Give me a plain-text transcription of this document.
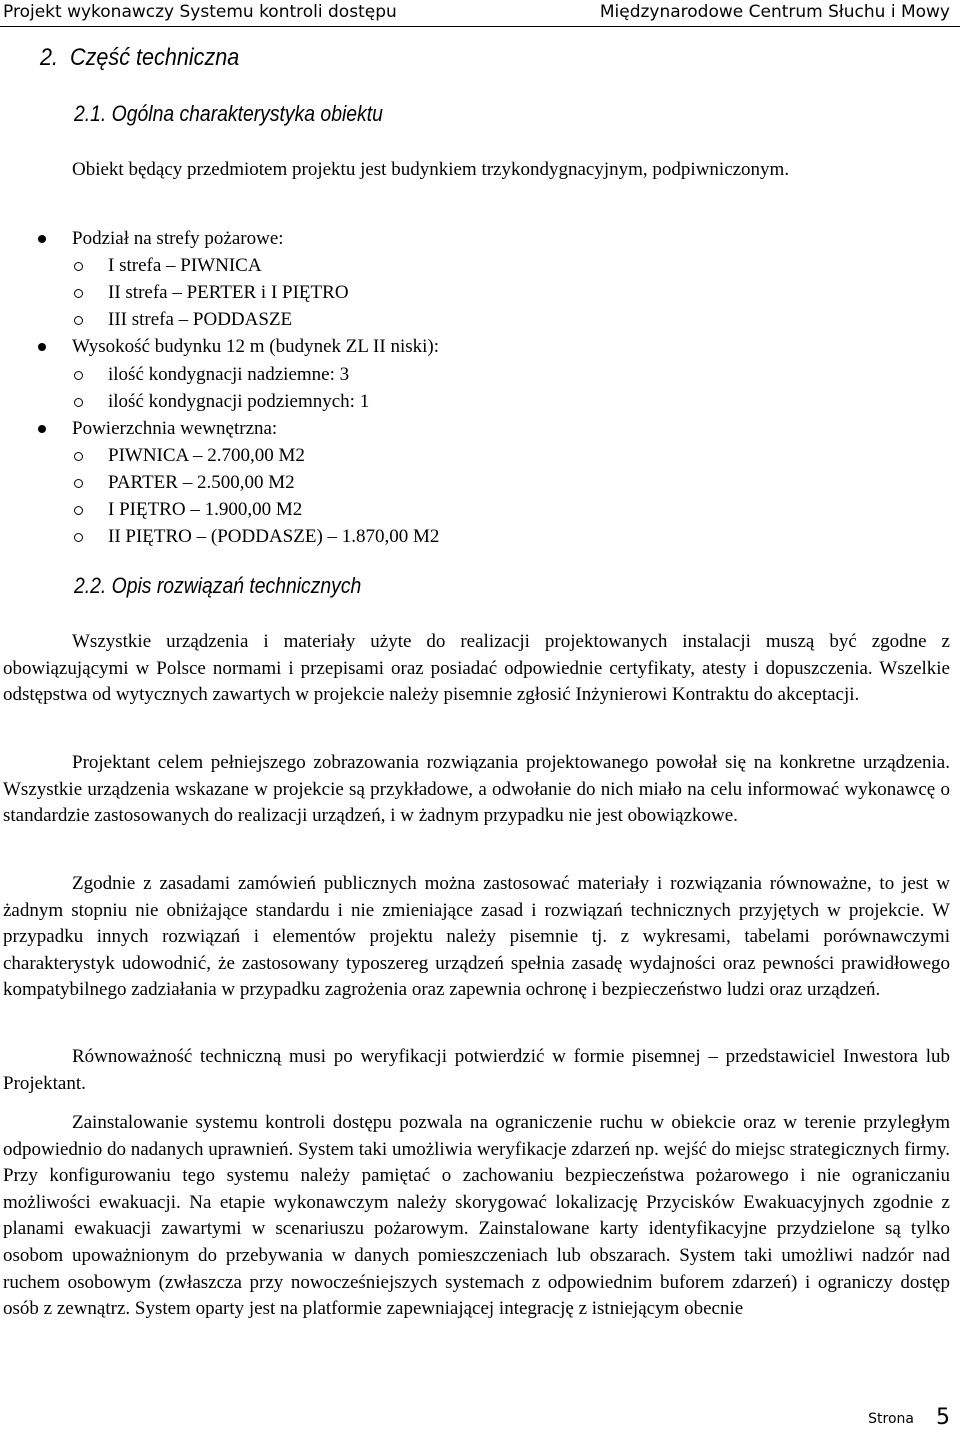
Projekt wykonawczy Systemu kontroli dostępu	Międzynarodowe Centrum Słuchu i Mowy
2.  Część techniczna
2.1. Ogólna charakterystyka obiektu
Obiekt będący przedmiotem projektu jest budynkiem trzykondygnacyjnym, podpiwniczonym.
Podział na strefy pożarowe:
I strefa – PIWNICA
II strefa – PERTER i I PIĘTRO
III strefa – PODDASZE
Wysokość budynku 12 m (budynek ZL II niski):
ilość kondygnacji nadziemne: 3
ilość kondygnacji podziemnych: 1
Powierzchnia wewnętrzna:
PIWNICA – 2.700,00 M2
PARTER – 2.500,00 M2
I PIĘTRO – 1.900,00 M2
II PIĘTRO – (PODDASZE) – 1.870,00 M2
2.2. Opis rozwiązań technicznych
Wszystkie urządzenia i materiały użyte do realizacji projektowanych instalacji muszą być zgodne z obowiązującymi w Polsce normami i przepisami oraz posiadać odpowiednie certyfikaty, atesty i dopuszczenia. Wszelkie odstępstwa od wytycznych zawartych w projekcie należy pisemnie zgłosić Inżynierowi Kontraktu do akceptacji.
Projektant celem pełniejszego zobrazowania rozwiązania projektowanego powołał się na konkretne urządzenia. Wszystkie urządzenia wskazane w projekcie są przykładowe, a odwołanie do nich miało na celu informować wykonawcę o standardzie zastosowanych do realizacji urządzeń, i w żadnym przypadku nie jest obowiązkowe.
Zgodnie z zasadami zamówień publicznych można zastosować materiały i rozwiązania równoważne, to jest w żadnym stopniu nie obniżające standardu i nie zmieniające zasad i rozwiązań technicznych przyjętych w projekcie. W przypadku innych rozwiązań i elementów projektu należy pisemnie tj. z wykresami, tabelami porównawczymi charakterystyk udowodnić, że zastosowany typoszereg urządzeń spełnia zasadę wydajności oraz pewności prawidłowego kompatybilnego zadziałania w przypadku zagrożenia oraz zapewnia ochronę i bezpieczeństwo ludzi oraz urządzeń.
Równoważność techniczną musi po weryfikacji potwierdzić w formie pisemnej – przedstawiciel Inwestora lub Projektant.
Zainstalowanie systemu kontroli dostępu pozwala na ograniczenie ruchu w obiekcie oraz w terenie przyległym odpowiednio do nadanych uprawnień. System taki umożliwia weryfikacje zdarzeń np. wejść do miejsc strategicznych firmy. Przy konfigurowaniu tego systemu należy pamiętać o zachowaniu bezpieczeństwa pożarowego i nie ograniczaniu możliwości ewakuacji. Na etapie wykonawczym należy skorygować lokalizację Przycisków Ewakuacyjnych zgodnie z planami ewakuacji zawartymi w scenariuszu pożarowym. Zainstalowane karty identyfikacyjne przydzielone są tylko osobom upoważnionym do przebywania w danych pomieszczeniach lub obszarach. System taki umożliwi nadzór nad ruchem osobowym (zwłaszcza przy nowocześniejszych systemach z odpowiednim buforem zdarzeń) i ograniczy dostęp osób z zewnątrz. System oparty jest na platformie zapewniającej integrację z istniejącym obecnie
Strona 5
